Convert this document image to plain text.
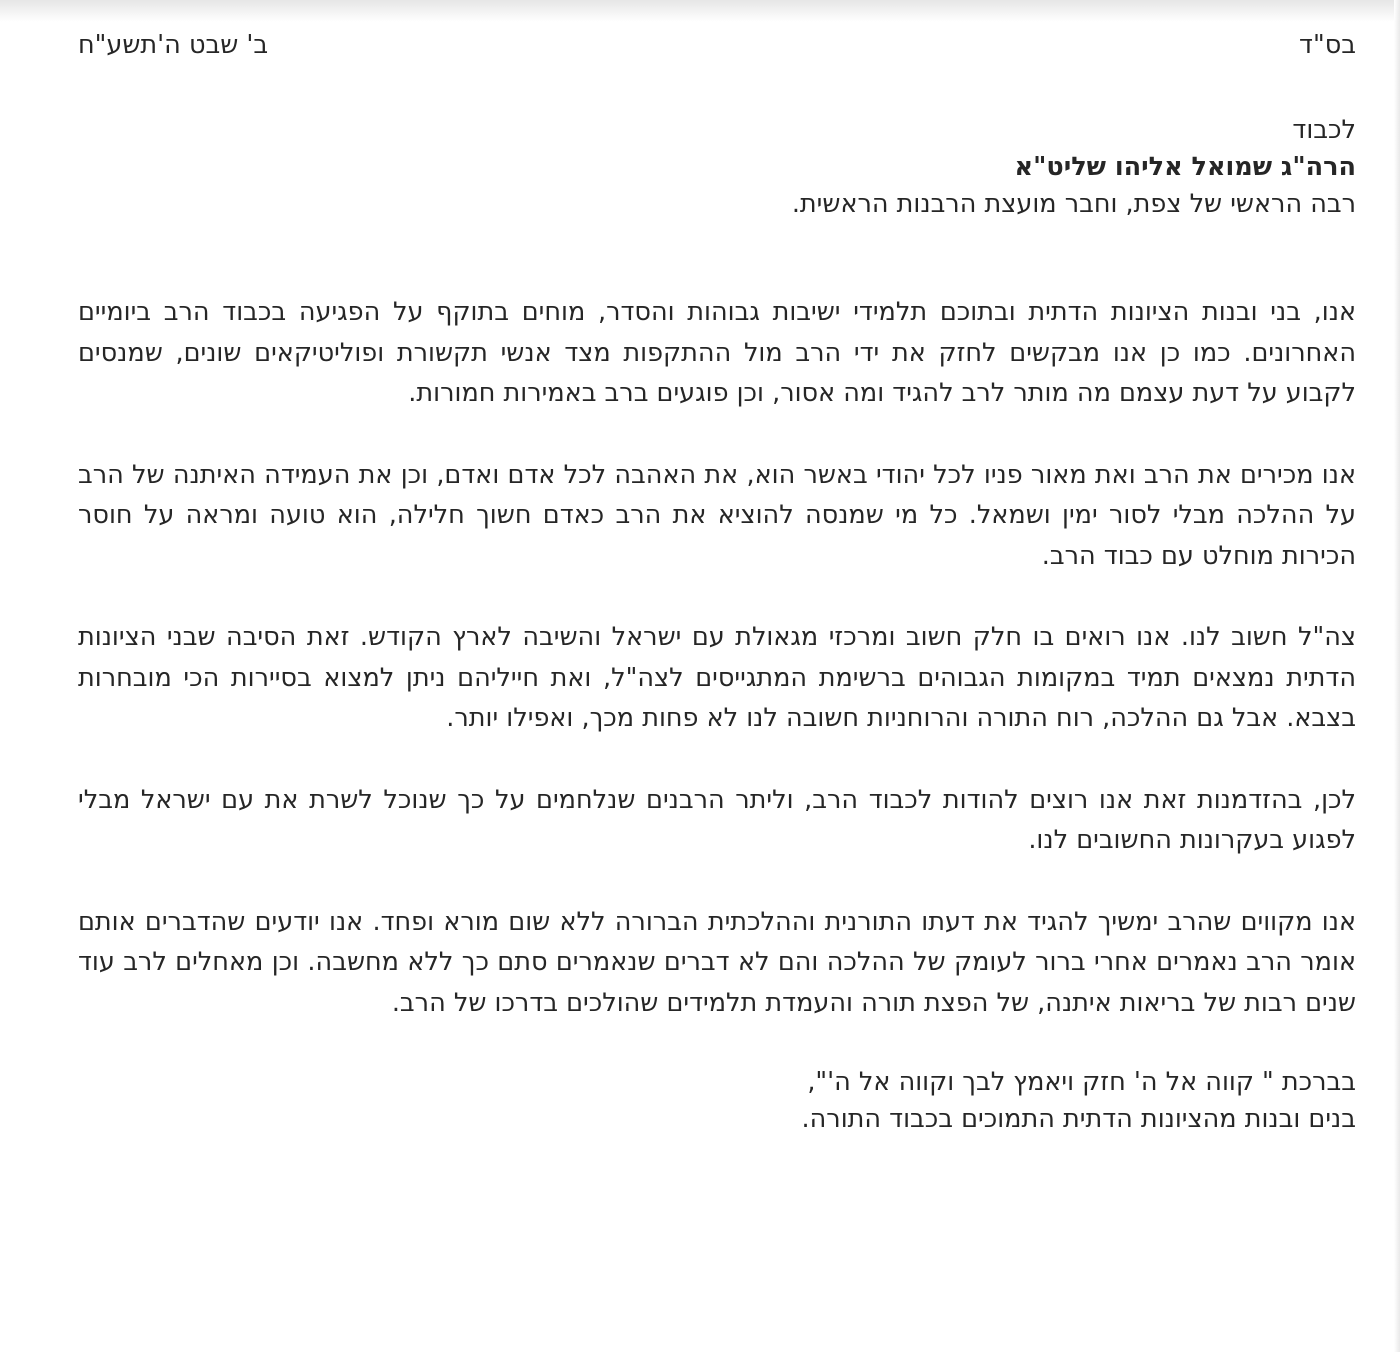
בס"ד
ב' שבט ה'תשע"ח
לכבוד
הרה"ג שמואל אליהו שליט"א
רבה הראשי של צפת, וחבר מועצת הרבנות הראשית.

אנו, בני ובנות הציונות הדתית ובתוכם תלמידי ישיבות גבוהות והסדר, מוחים בתוקף על הפגיעה בכבוד הרב ביומיים האחרונים. כמו כן אנו מבקשים לחזק את ידי הרב מול ההתקפות מצד אנשי תקשורת ופוליטיקאים שונים, שמנסים לקבוע על דעת עצמם מה מותר לרב להגיד ומה אסור, וכן פוגעים ברב באמירות חמורות.

אנו מכירים את הרב ואת מאור פניו לכל יהודי באשר הוא, את האהבה לכל אדם ואדם, וכן את העמידה האיתנה של הרב על ההלכה מבלי לסור ימין ושמאל. כל מי שמנסה להוציא את הרב כאדם חשוך חלילה, הוא טועה ומראה על חוסר הכירות מוחלט עם כבוד הרב.

צה"ל חשוב לנו. אנו רואים בו חלק חשוב ומרכזי מגאולת עם ישראל והשיבה לארץ הקודש. זאת הסיבה שבני הציונות הדתית נמצאים תמיד במקומות הגבוהים ברשימת המתגייסים לצה"ל, ואת חייליהם ניתן למצוא בסיירות הכי מובחרות בצבא. אבל גם ההלכה, רוח התורה והרוחניות חשובה לנו לא פחות מכך, ואפילו יותר.

לכן, בהזדמנות זאת אנו רוצים להודות לכבוד הרב, וליתר הרבנים שנלחמים על כך שנוכל לשרת את עם ישראל מבלי לפגוע בעקרונות החשובים לנו.

אנו מקווים שהרב ימשיך להגיד את דעתו התורנית וההלכתית הברורה ללא שום מורא ופחד. אנו יודעים שהדברים אותם אומר הרב נאמרים אחרי ברור לעומק של ההלכה והם לא דברים שנאמרים סתם כך ללא מחשבה. וכן מאחלים לרב עוד שנים רבות של בריאות איתנה, של הפצת תורה והעמדת תלמידים שהולכים בדרכו של הרב.

בברכת " קווה אל ה' חזק ויאמץ לבך וקווה אל ה'",
בנים ובנות מהציונות הדתית התמוכים בכבוד התורה.
